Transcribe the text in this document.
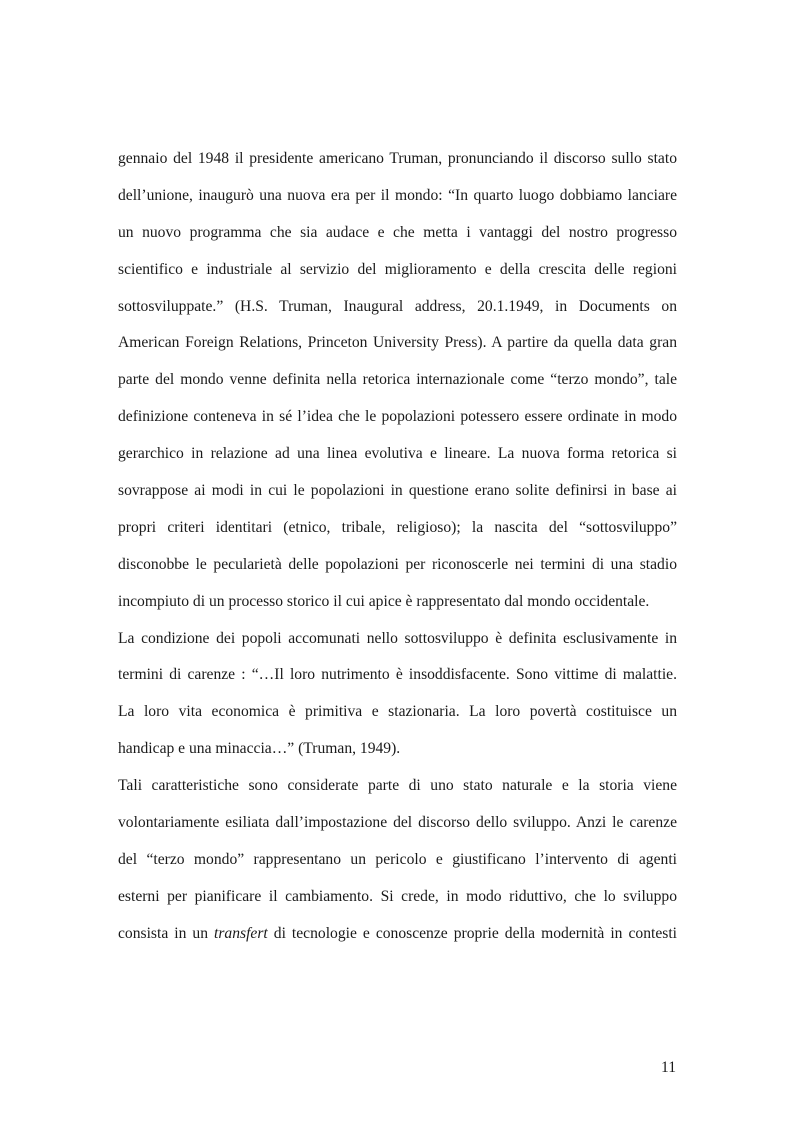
gennaio del 1948 il presidente americano Truman, pronunciando il discorso sullo stato
dell’unione, inaugurò una nuova era per il mondo: “In quarto luogo dobbiamo lanciare
un nuovo programma che sia audace e che metta i vantaggi del nostro progresso
scientifico e industriale al servizio del miglioramento e della crescita delle regioni
sottosviluppate.” (H.S. Truman, Inaugural address, 20.1.1949, in Documents on
American Foreign Relations, Princeton University Press). A partire da quella data gran
parte del mondo venne definita nella retorica internazionale come “terzo mondo”, tale
definizione conteneva in sé l’idea che le popolazioni potessero essere ordinate in modo
gerarchico in relazione ad una linea evolutiva e lineare. La nuova forma retorica si
sovrappose ai modi in cui le popolazioni in questione erano solite definirsi in base ai
propri criteri identitari (etnico, tribale, religioso); la nascita del “sottosviluppo”
disconobbe le pecularietà delle popolazioni per riconoscerle nei termini di una stadio
incompiuto di un processo storico il cui apice è rappresentato dal mondo occidentale.
La condizione dei popoli accomunati nello sottosviluppo è definita esclusivamente in
termini di carenze : “…Il loro nutrimento è insoddisfacente. Sono vittime di malattie.
La loro vita economica è primitiva e stazionaria. La loro povertà costituisce un
handicap e una minaccia…” (Truman, 1949).
Tali caratteristiche sono considerate parte di uno stato naturale e la storia viene
volontariamente esiliata dall’impostazione del discorso dello sviluppo. Anzi le carenze
del “terzo mondo” rappresentano un pericolo e giustificano l’intervento di agenti
esterni per pianificare il cambiamento. Si crede, in modo riduttivo, che lo sviluppo
consista in un transfert di tecnologie e conoscenze proprie della modernità in contesti
11
